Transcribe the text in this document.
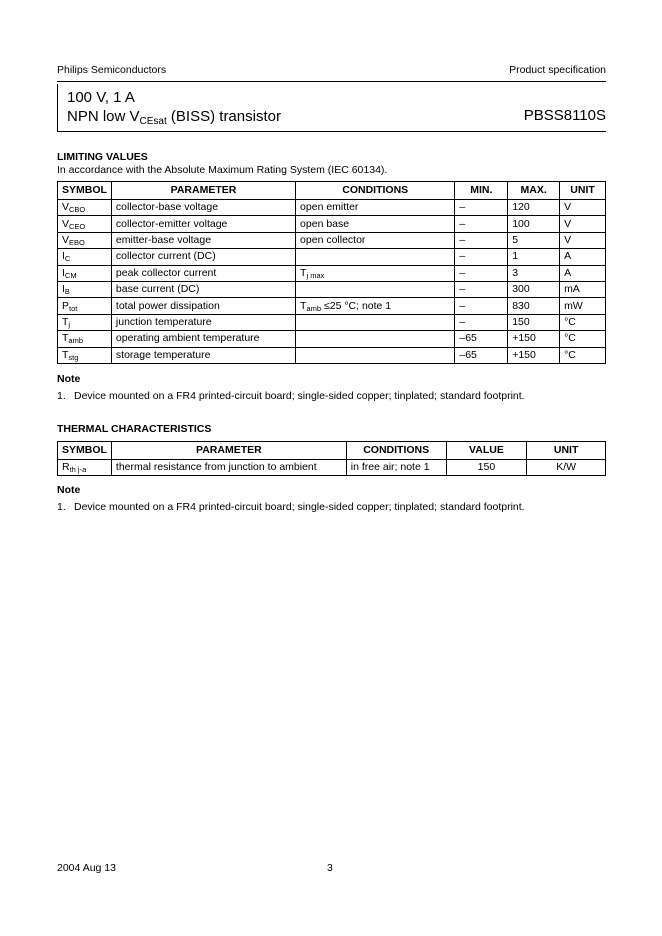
Philips Semiconductors	Product specification
100 V, 1 A
NPN low $V_{CEsat}$ (BISS) transistor	PBSS8110S
LIMITING VALUES
In accordance with the Absolute Maximum Rating System (IEC 60134).
SYMBOL	PARAMETER	CONDITIONS	MIN.	MAX.	UNIT
$V_{CBO}$	collector-base voltage	open emitter	–	120	V
$V_{CEO}$	collector-emitter voltage	open base	–	100	V
$V_{EBO}$	emitter-base voltage	open collector	–	5	V
$I_C$	collector current (DC)		–	1	A
$I_{CM}$	peak collector current	$T_{j max}$	–	3	A
$I_B$	base current (DC)		–	300	mA
$P_{tot}$	total power dissipation	$T_{amb} \le 25$ °C; note 1	–	830	mW
$T_j$	junction temperature		–	150	°C
$T_{amb}$	operating ambient temperature		–65	+150	°C
$T_{stg}$	storage temperature		–65	+150	°C
Note
1. Device mounted on a FR4 printed-circuit board; single-sided copper; tinplated; standard footprint.
THERMAL CHARACTERISTICS
SYMBOL	PARAMETER	CONDITIONS	VALUE	UNIT
$R_{th j-a}$	thermal resistance from junction to ambient	in free air; note 1	150	K/W
Note
1. Device mounted on a FR4 printed-circuit board; single-sided copper; tinplated; standard footprint.
2004 Aug 13	3
